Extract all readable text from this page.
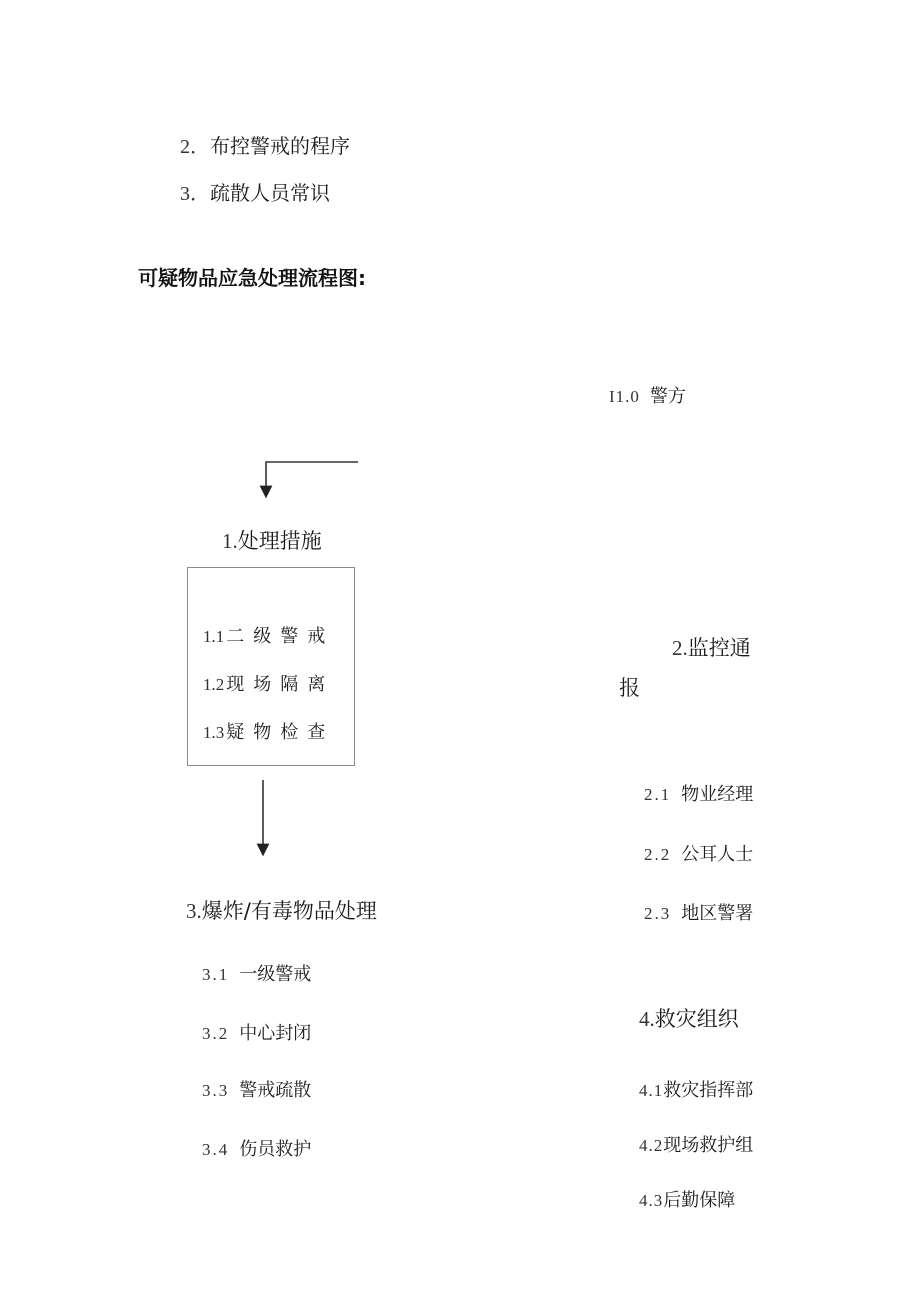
2．布控警戒的程序
3．疏散人员常识
可疑物品应急处理流程图:
I1.0 警方
1.处理措施
1.1 二级警戒
1.2 现场隔离
1.3 疑物检查
2.监控通
报
2.1 物业经理
2.2 公耳人士
2.3 地区警署
3.爆炸/有毒物品处理
3.1 一级警戒
3.2 中心封闭
3.3 警戒疏散
3.4 伤员救护
4.救灾组织
4.1救灾指挥部
4.2现场救护组
4.3后勤保障
